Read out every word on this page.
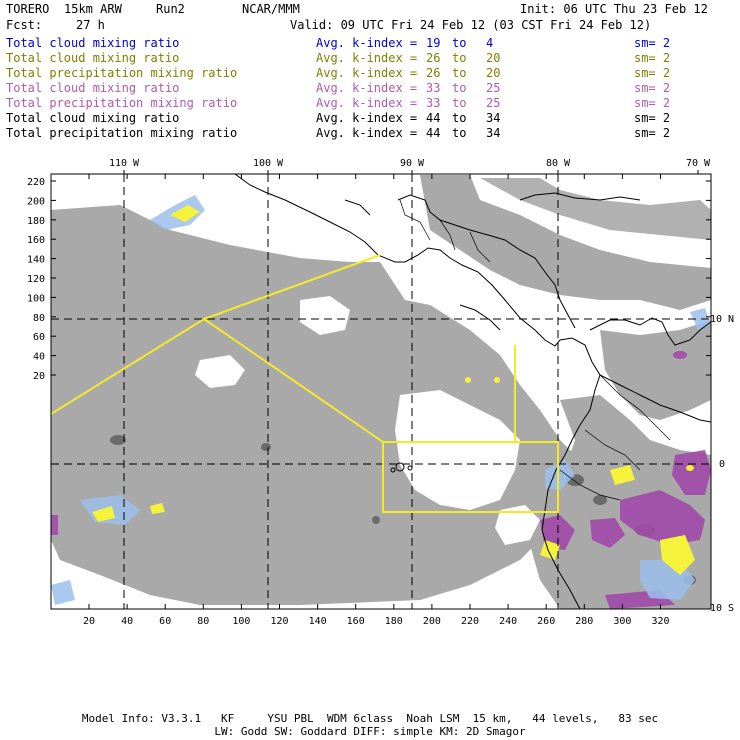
TORERO 15km ARW	Run2	NCAR/MMM	Init: 06 UTC Thu 23 Feb 12
Fcst:	27 h	Valid: 09 UTC Fri 24 Feb 12 (03 CST Fri 24 Feb 12)
Total cloud mixing ratio	Avg. k-index = 19 to 4	sm= 2
Total cloud mixing ratio	Avg. k-index = 26 to 20	sm= 2
Total precipitation mixing ratio	Avg. k-index = 26 to 20	sm= 2
Total cloud mixing ratio	Avg. k-index = 33 to 25	sm= 2
Total precipitation mixing ratio	Avg. k-index = 33 to 25	sm= 2
Total cloud mixing ratio	Avg. k-index = 44 to 34	sm= 2
Total precipitation mixing ratio	Avg. k-index = 44 to 34	sm= 2
110 W	100 W	90 W	80 W	70 W
10 N
0
10 S
220
200
180
160
140
120
100
80
60
40
20
20	40	60	80 100 120 140 160 180 200 220 240 260 280 300 320
Model Info: V3.3.1   KF     YSU PBL  WDM 6class  Noah LSM  15 km,   44 levels,   83 sec
LW: Godd SW: Goddard DIFF: simple KM: 2D Smagor
